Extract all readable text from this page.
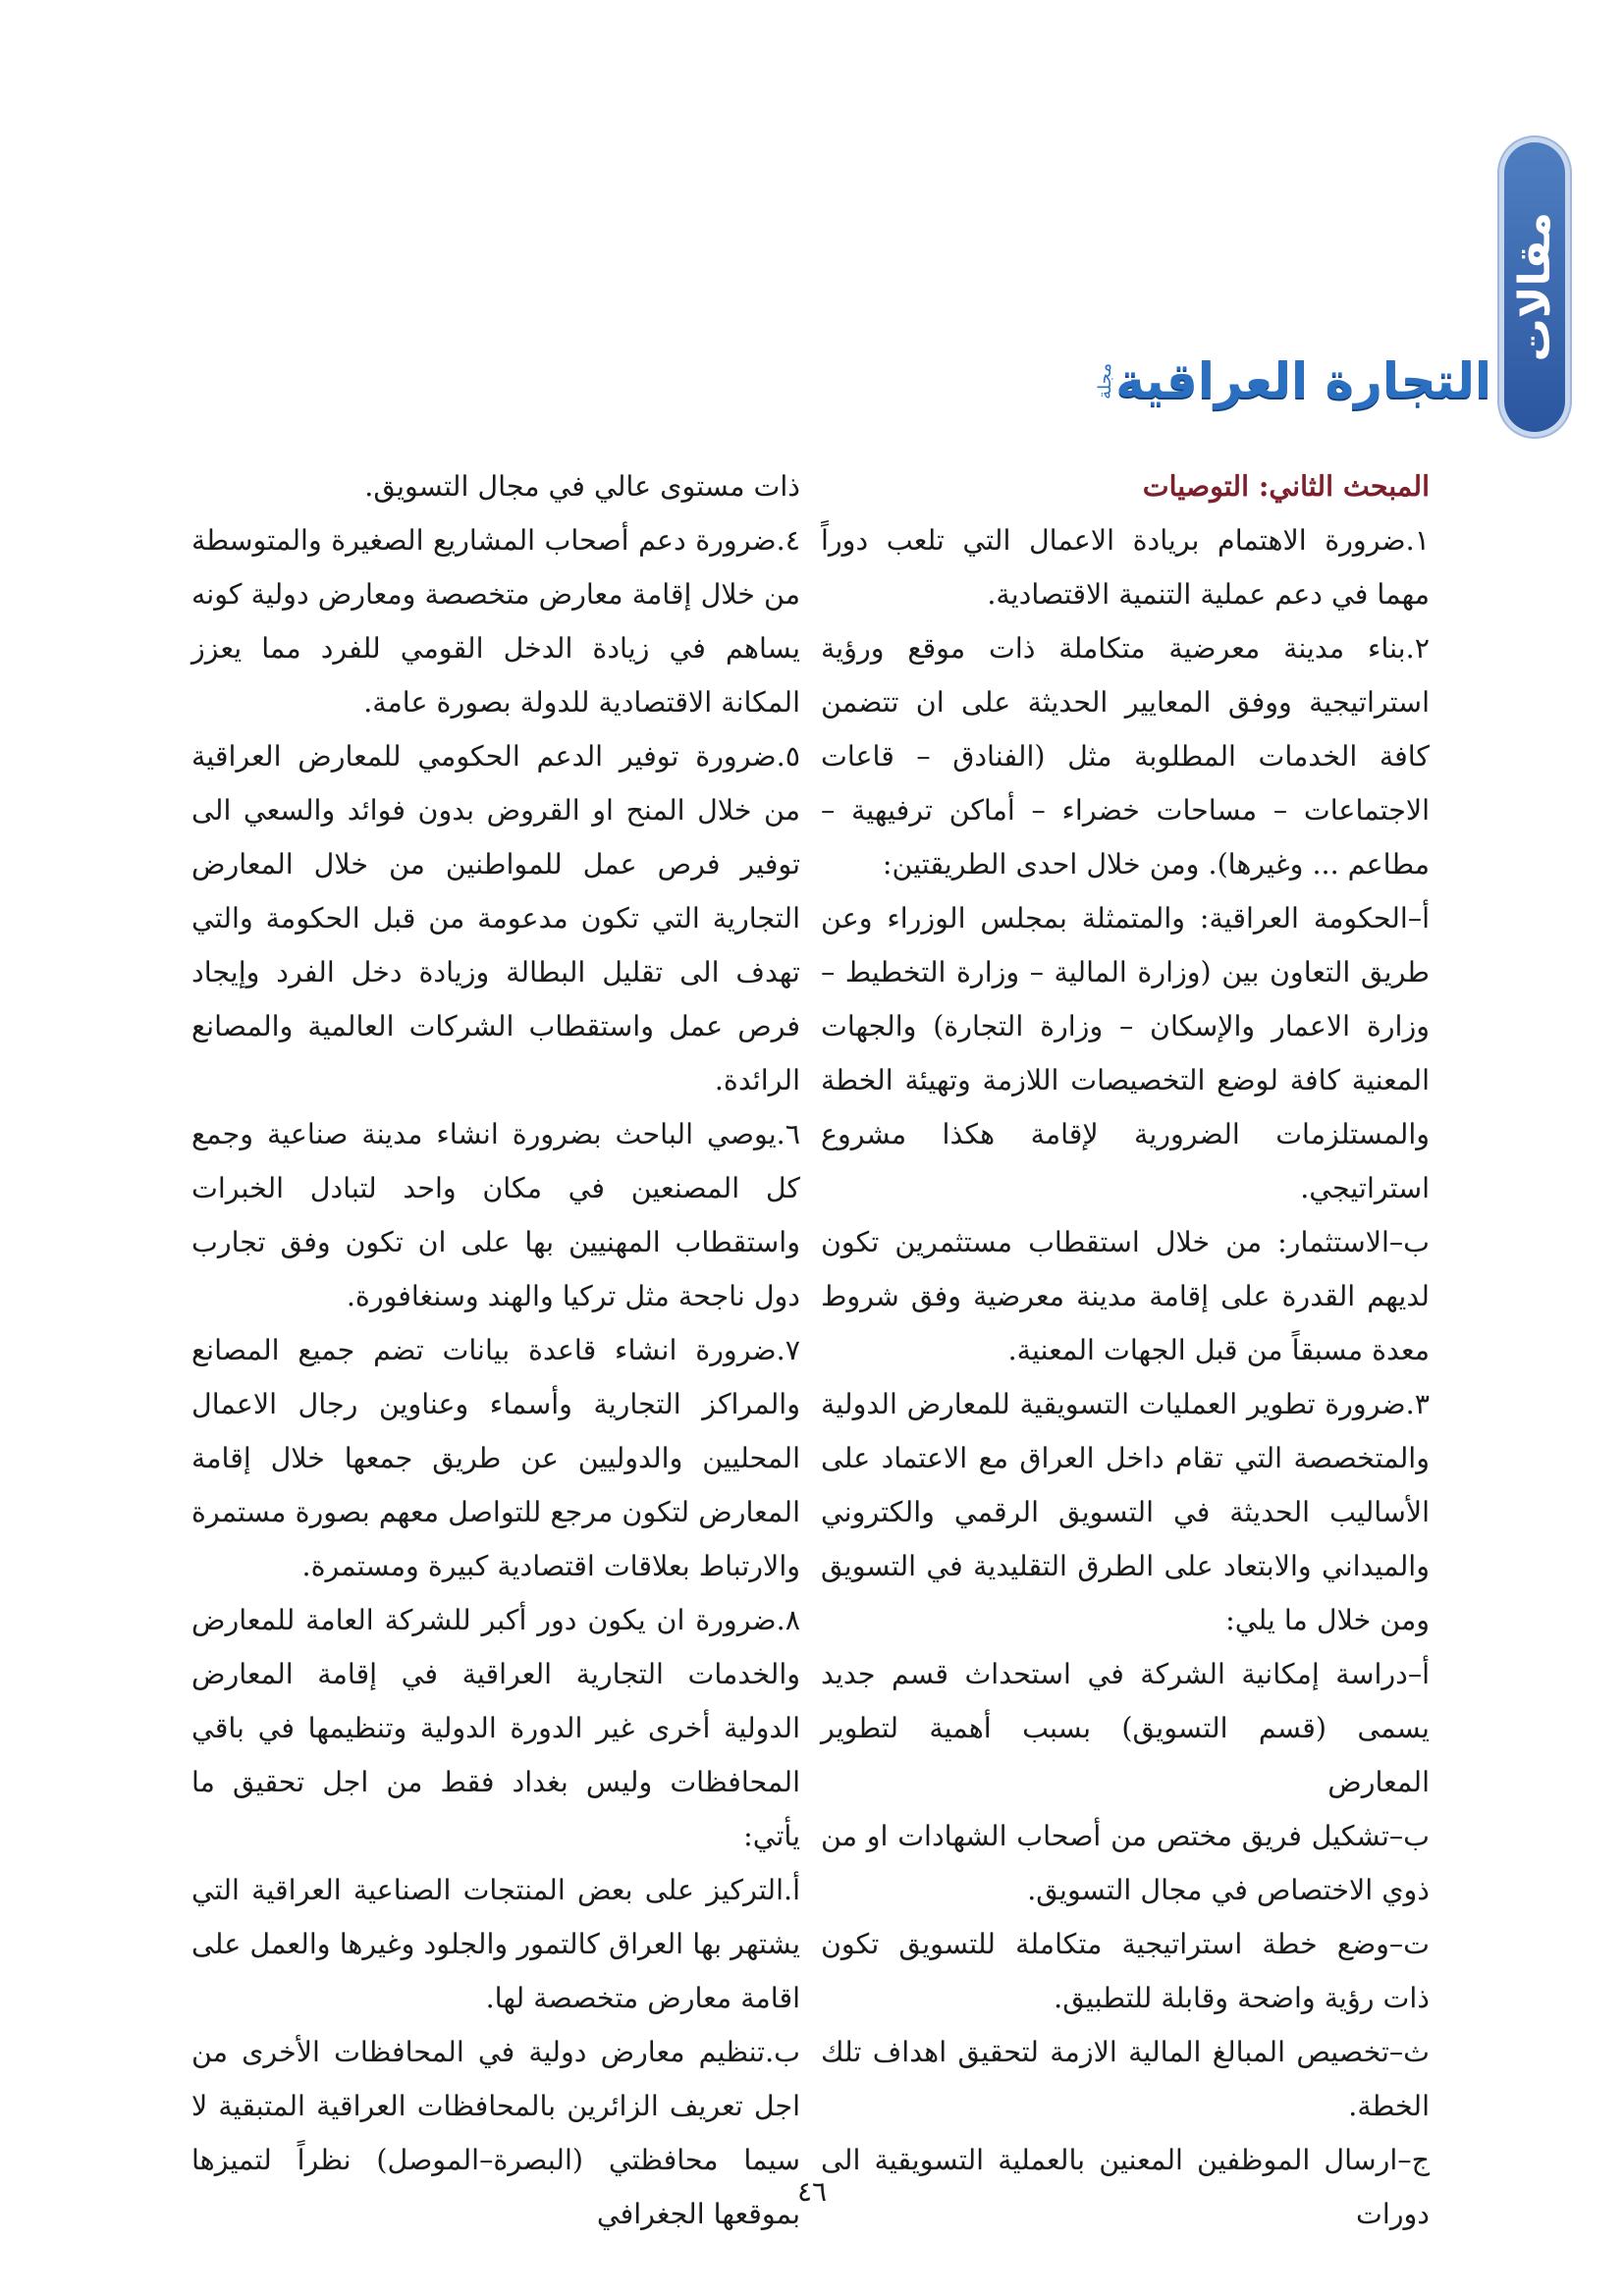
مقالات
التجارة العراقية
مجلة

المبحث الثاني: التوصيات

١.ضرورة الاهتمام بريادة الاعمال التي تلعب دوراً مهما في دعم عملية التنمية الاقتصادية.

٢.بناء مدينة معرضية متكاملة ذات موقع ورؤية استراتيجية ووفق المعايير الحديثة على ان تتضمن كافة الخدمات المطلوبة مثل (الفنادق – قاعات الاجتماعات – مساحات خضراء – أماكن ترفيهية – مطاعم ... وغيرها). ومن خلال احدى الطريقتين:

أ–الحكومة العراقية: والمتمثلة بمجلس الوزراء وعن طريق التعاون بين (وزارة المالية – وزارة التخطيط – وزارة الاعمار والإسكان – وزارة التجارة) والجهات المعنية كافة لوضع التخصيصات اللازمة وتهيئة الخطة والمستلزمات الضرورية لإقامة هكذا مشروع استراتيجي.

ب–الاستثمار: من خلال استقطاب مستثمرين تكون لديهم القدرة على إقامة مدينة معرضية وفق شروط معدة مسبقاً من قبل الجهات المعنية.

٣.ضرورة تطوير العمليات التسويقية للمعارض الدولية والمتخصصة التي تقام داخل العراق مع الاعتماد على الأساليب الحديثة في التسويق الرقمي والكتروني والميداني والابتعاد على الطرق التقليدية في التسويق ومن خلال ما يلي:

أ–دراسة إمكانية الشركة في استحداث قسم جديد يسمى (قسم التسويق) بسبب أهمية لتطوير المعارض

ب–تشكيل فريق مختص من أصحاب الشهادات او من ذوي الاختصاص في مجال التسويق.

ت–وضع خطة استراتيجية متكاملة للتسويق تكون ذات رؤية واضحة وقابلة للتطبيق.

ث–تخصيص المبالغ المالية الازمة لتحقيق اهداف تلك الخطة.

ج–ارسال الموظفين المعنين بالعملية التسويقية الى دورات

ذات مستوى عالي في مجال التسويق.

٤.ضرورة دعم أصحاب المشاريع الصغيرة والمتوسطة من خلال إقامة معارض متخصصة ومعارض دولية كونه يساهم في زيادة الدخل القومي للفرد مما يعزز المكانة الاقتصادية للدولة بصورة عامة.

٥.ضرورة توفير الدعم الحكومي للمعارض العراقية من خلال المنح او القروض بدون فوائد والسعي الى توفير فرص عمل للمواطنين من خلال المعارض التجارية التي تكون مدعومة من قبل الحكومة والتي تهدف الى تقليل البطالة وزيادة دخل الفرد وإيجاد فرص عمل واستقطاب الشركات العالمية والمصانع الرائدة.

٦.يوصي الباحث بضرورة انشاء مدينة صناعية وجمع كل المصنعين في مكان واحد لتبادل الخبرات واستقطاب المهنيين بها على ان تكون وفق تجارب دول ناجحة مثل تركيا والهند وسنغافورة.

٧.ضرورة انشاء قاعدة بيانات تضم جميع المصانع والمراكز التجارية وأسماء وعناوين رجال الاعمال المحليين والدوليين عن طريق جمعها خلال إقامة المعارض لتكون مرجع للتواصل معهم بصورة مستمرة والارتباط بعلاقات اقتصادية كبيرة ومستمرة.

٨.ضرورة ان يكون دور أكبر للشركة العامة للمعارض والخدمات التجارية العراقية في إقامة المعارض الدولية أخرى غير الدورة الدولية وتنظيمها في باقي المحافظات وليس بغداد فقط من اجل تحقيق ما يأتي:

أ.التركيز على بعض المنتجات الصناعية العراقية التي يشتهر بها العراق كالتمور والجلود وغيرها والعمل على اقامة معارض متخصصة لها.

ب.تنظيم معارض دولية في المحافظات الأخرى من اجل تعريف الزائرين بالمحافظات العراقية المتبقية لا سيما محافظتي (البصرة–الموصل) نظراً لتميزها بموقعها الجغرافي

٤٦
